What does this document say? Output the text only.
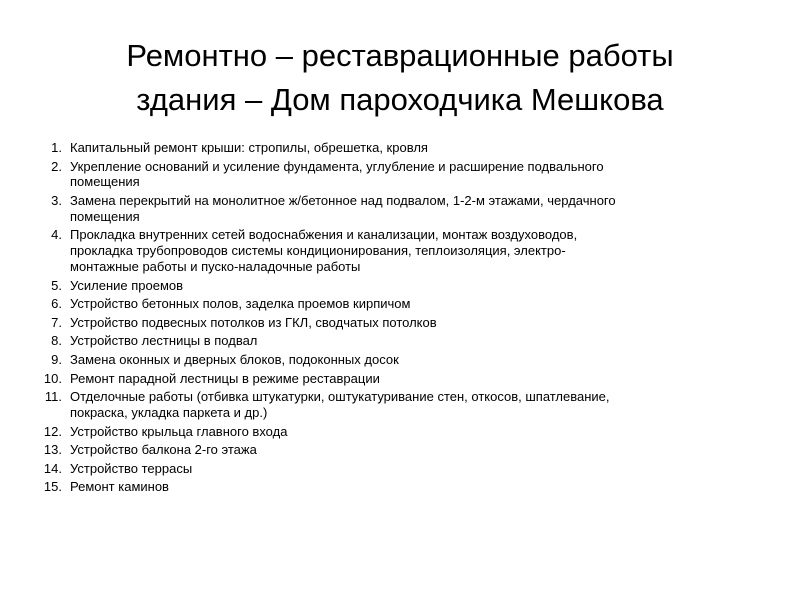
Ремонтно – реставрационные работы
здания – Дом пароходчика Мешкова
1. Капитальный ремонт крыши: стропилы, обрешетка, кровля
2. Укрепление оснований и усиление фундамента, углубление и расширение подвального
помещения
3. Замена перекрытий на монолитное ж/бетонное над подвалом, 1-2-м этажами, чердачного
помещения
4. Прокладка внутренних сетей водоснабжения и канализации, монтаж воздуховодов,
прокладка трубопроводов системы кондиционирования, теплоизоляция, электро-
монтажные работы и пуско-наладочные работы
5. Усиление проемов
6. Устройство бетонных полов, заделка проемов кирпичом
7. Устройство подвесных потолков из ГКЛ, сводчатых потолков
8. Устройство лестницы в подвал
9. Замена оконных и дверных блоков, подоконных досок
10. Ремонт парадной лестницы в режиме реставрации
11. Отделочные работы (отбивка штукатурки, оштукатуривание стен, откосов, шпатлевание,
покраска, укладка паркета и др.)
12. Устройство крыльца главного входа
13. Устройство балкона 2-го этажа
14. Устройство террасы
15. Ремонт каминов
